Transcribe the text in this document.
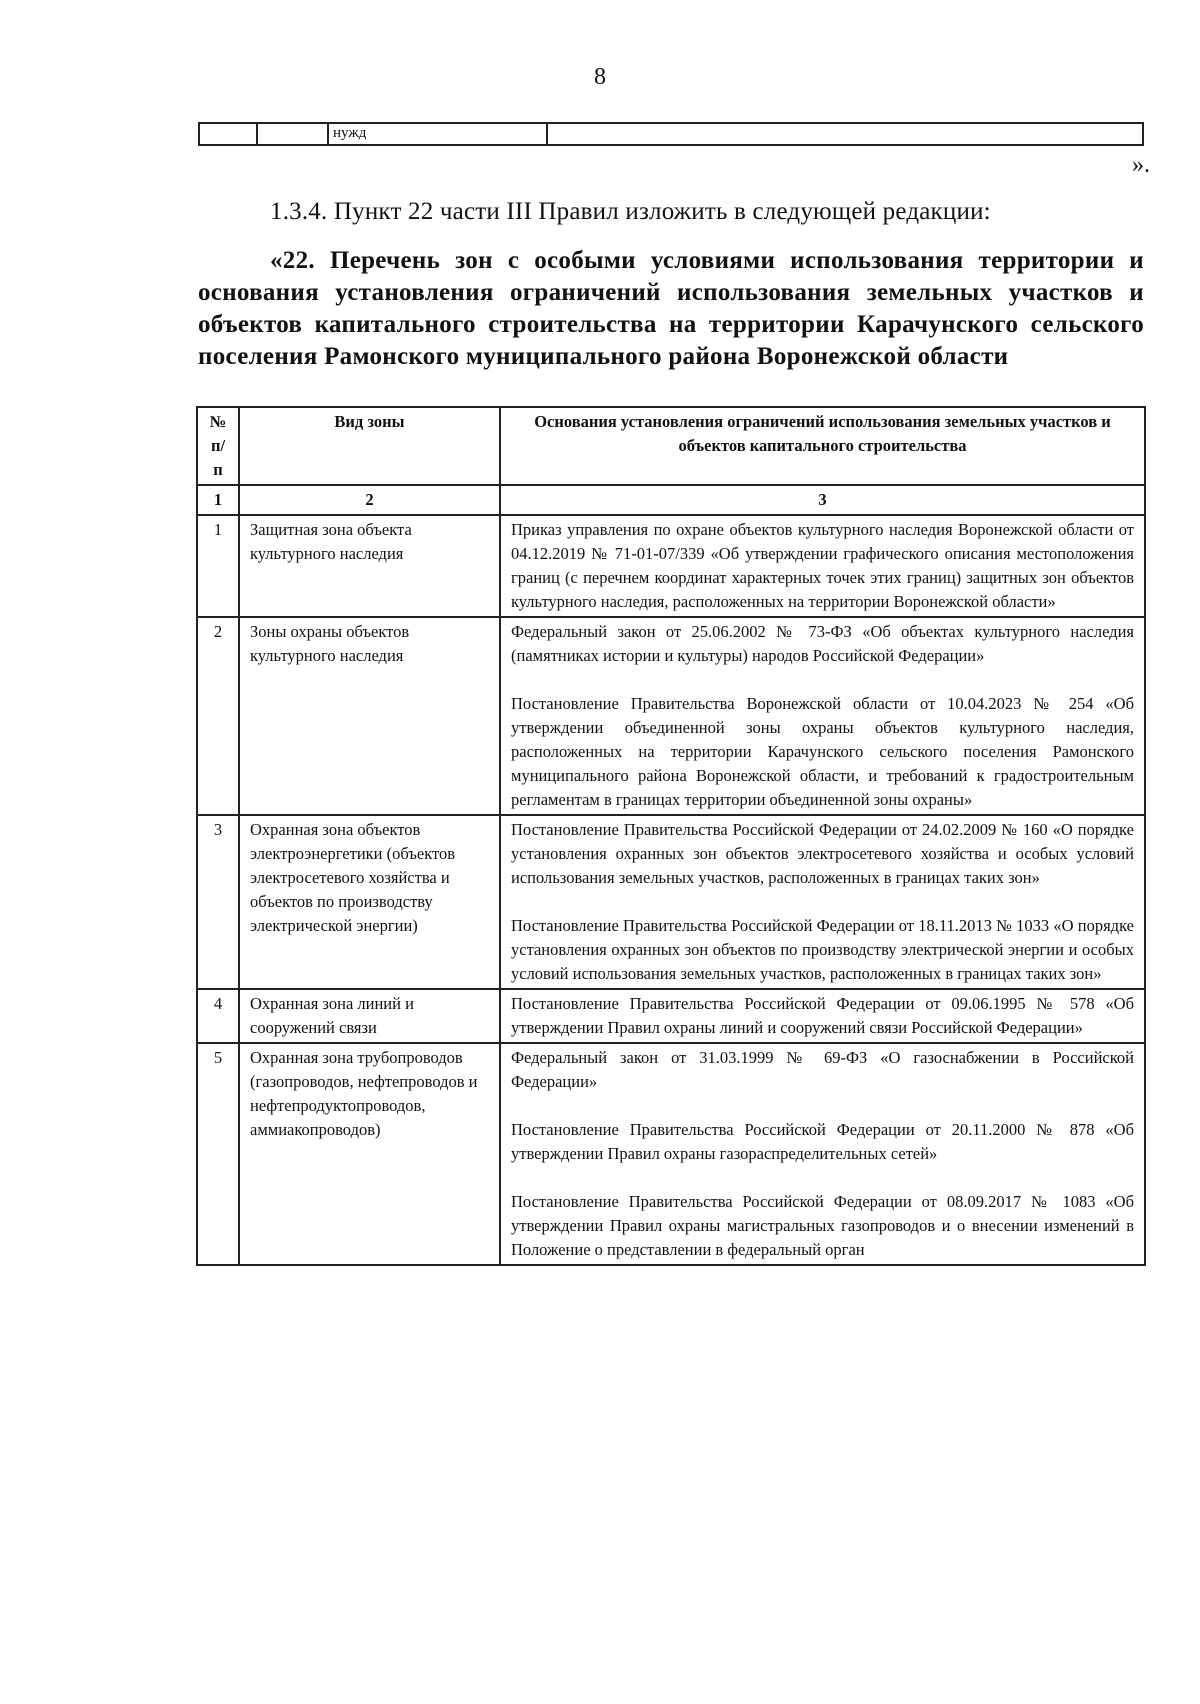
8
		нужд	
».
1.3.4. Пункт 22 части III Правил изложить в следующей редакции:
«22. Перечень зон с особыми условиями использования территории и основания установления ограничений использования земельных участков и объектов капитального строительства на территории Карачунского сельского поселения Рамонского муниципального района Воронежской области
№ п/п	Вид зоны	Основания установления ограничений использования земельных участков и объектов капитального строительства
1	2	3
1	Защитная зона объекта культурного наследия	Приказ управления по охране объектов культурного наследия Воронежской области от 04.12.2019 № 71-01-07/339 «Об утверждении графического описания местоположения границ (с перечнем координат характерных точек этих границ) защитных зон объектов культурного наследия, расположенных на территории Воронежской области»

2	Зоны охраны объектов культурного наследия	Федеральный закон от 25.06.2002 № 73-ФЗ «Об объектах культурного наследия (памятниках истории и культуры) народов Российской Федерации»
Постановление Правительства Воронежской области от 10.04.2023 № 254 «Об утверждении объединенной зоны охраны объектов культурного наследия, расположенных на территории Карачунского сельского поселения Рамонского муниципального района Воронежской области, и требований к градостроительным регламентам в границах территории объединенной зоны охраны»

3	Охранная зона объектов электроэнергетики (объектов электросетевого хозяйства и объектов по производству электрической энергии)	Постановление Правительства Российской Федерации от 24.02.2009 № 160 «О порядке установления охранных зон объектов электросетевого хозяйства и особых условий использования земельных участков, расположенных в границах таких зон»
Постановление Правительства Российской Федерации от 18.11.2013 № 1033 «О порядке установления охранных зон объектов по производству электрической энергии и особых условий использования земельных участков, расположенных в границах таких зон»

4	Охранная зона линий и сооружений связи	Постановление Правительства Российской Федерации от 09.06.1995 № 578 «Об утверждении Правил охраны линий и сооружений связи Российской Федерации»

5	Охранная зона трубопроводов (газопроводов, нефтепроводов и нефтепродуктопроводов, аммиакопроводов)	Федеральный закон от 31.03.1999 № 69-ФЗ «О газоснабжении в Российской Федерации»
Постановление Правительства Российской Федерации от 20.11.2000 № 878 «Об утверждении Правил охраны газораспределительных сетей»
Постановление Правительства Российской Федерации от 08.09.2017 № 1083 «Об утверждении Правил охраны магистральных газопроводов и о внесении изменений в Положение о представлении в федеральный орган
